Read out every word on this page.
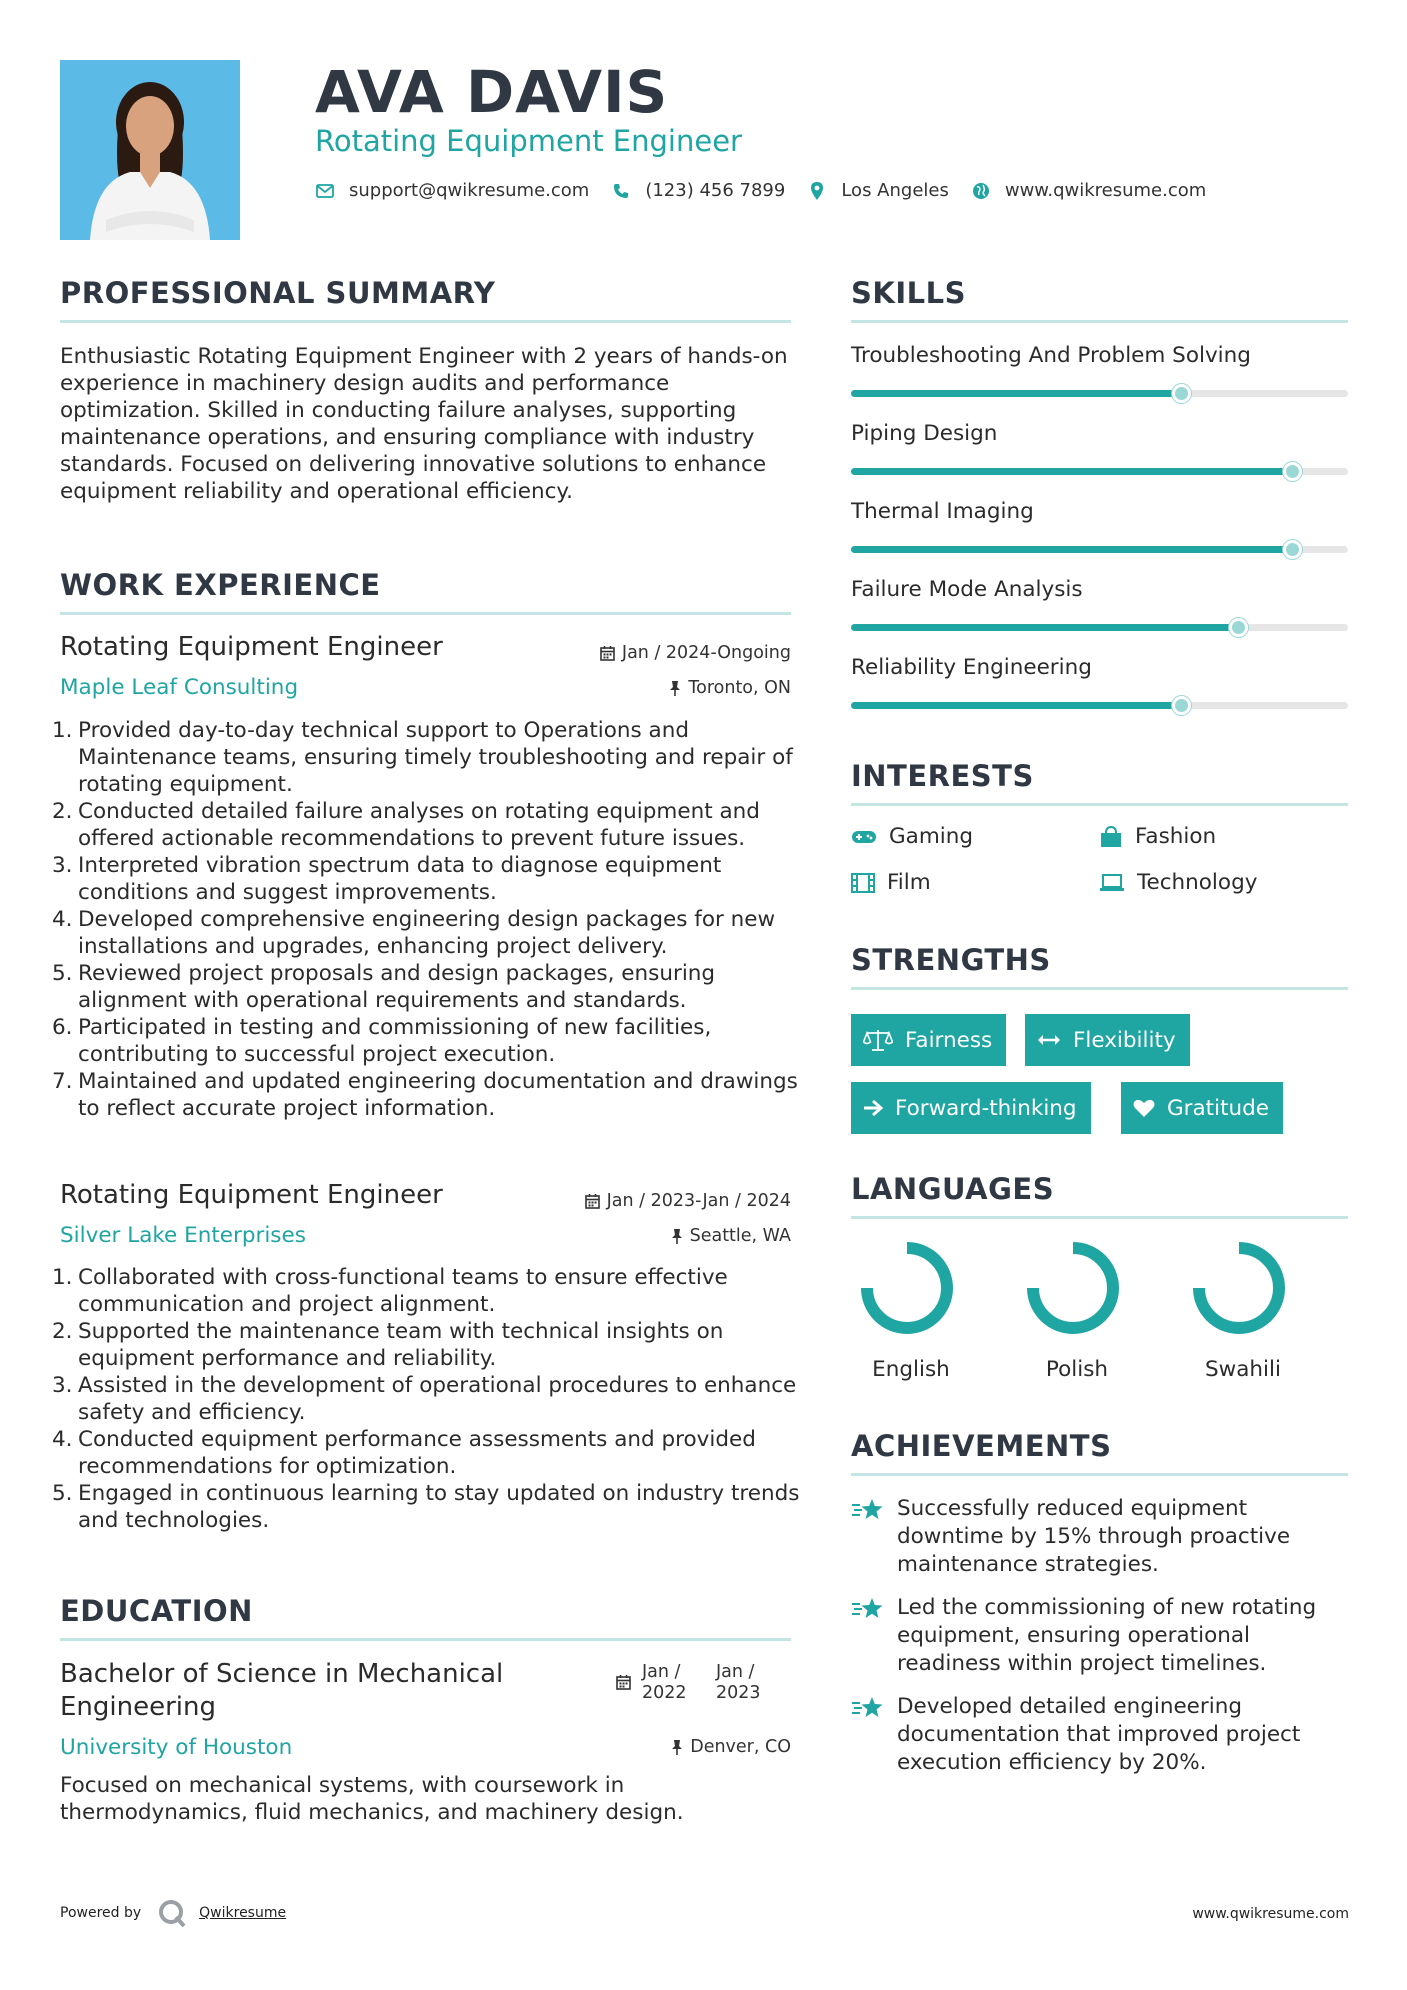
AVA DAVIS
Rotating Equipment Engineer
support@qwikresume.com	(123) 456 7899	Los Angeles	www.qwikresume.com
PROFESSIONAL SUMMARY
Enthusiastic Rotating Equipment Engineer with 2 years of hands-on experience in machinery design audits and performance optimization. Skilled in conducting failure analyses, supporting maintenance operations, and ensuring compliance with industry standards. Focused on delivering innovative solutions to enhance equipment reliability and operational efficiency.
WORK EXPERIENCE
Rotating Equipment Engineer	Jan / 2024-Ongoing
Maple Leaf Consulting	Toronto, ON
1. Provided day-to-day technical support to Operations and Maintenance teams, ensuring timely troubleshooting and repair of rotating equipment.
2. Conducted detailed failure analyses on rotating equipment and offered actionable recommendations to prevent future issues.
3. Interpreted vibration spectrum data to diagnose equipment conditions and suggest improvements.
4. Developed comprehensive engineering design packages for new installations and upgrades, enhancing project delivery.
5. Reviewed project proposals and design packages, ensuring alignment with operational requirements and standards.
6. Participated in testing and commissioning of new facilities, contributing to successful project execution.
7. Maintained and updated engineering documentation and drawings to reflect accurate project information.
Rotating Equipment Engineer	Jan / 2023-Jan / 2024
Silver Lake Enterprises	Seattle, WA
1. Collaborated with cross-functional teams to ensure effective communication and project alignment.
2. Supported the maintenance team with technical insights on equipment performance and reliability.
3. Assisted in the development of operational procedures to enhance safety and efficiency.
4. Conducted equipment performance assessments and provided recommendations for optimization.
5. Engaged in continuous learning to stay updated on industry trends and technologies.
EDUCATION
Bachelor of Science in Mechanical Engineering
Jan /
2022
Jan /
2023
University of Houston	Denver, CO
Focused on mechanical systems, with coursework in thermodynamics, fluid mechanics, and machinery design.
SKILLS
Troubleshooting And Problem Solving
Piping Design
Thermal Imaging
Failure Mode Analysis
Reliability Engineering
INTERESTS
Gaming	Fashion
Film	Technology
STRENGTHS
Fairness	Flexibility
Forward-thinking	Gratitude
LANGUAGES
English	Polish	Swahili
ACHIEVEMENTS
Successfully reduced equipment downtime by 15% through proactive maintenance strategies.
Led the commissioning of new rotating equipment, ensuring operational readiness within project timelines.
Developed detailed engineering documentation that improved project execution efficiency by 20%.
Powered by	Qwikresume	www.qwikresume.com
